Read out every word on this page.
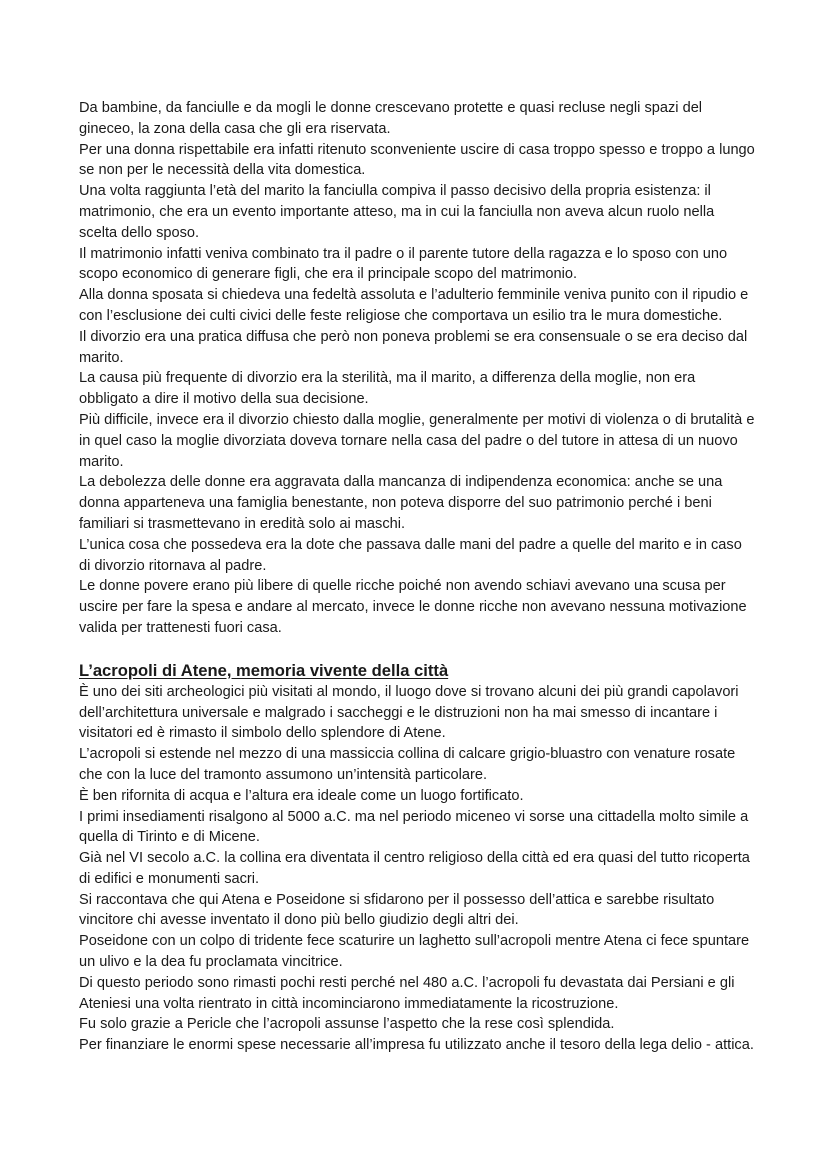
Da bambine, da fanciulle e da mogli le donne crescevano protette e quasi recluse negli spazi del gineceo, la zona della casa che gli era riservata.

Per una donna rispettabile era infatti ritenuto sconveniente uscire di casa troppo spesso e troppo a lungo se non per le necessità della vita domestica.

Una volta raggiunta l’età del marito la fanciulla compiva il passo decisivo della propria esistenza: il matrimonio, che era un evento importante atteso, ma in cui la fanciulla non aveva alcun ruolo nella scelta dello sposo.

Il matrimonio infatti veniva combinato tra il padre o il parente tutore della ragazza e lo sposo con uno scopo economico di generare figli, che era il principale scopo del matrimonio.

Alla donna sposata si chiedeva una fedeltà assoluta e l’adulterio femminile veniva punito con il ripudio e con l’esclusione dei culti civici delle feste religiose che comportava un esilio tra le mura domestiche.

Il divorzio era una pratica diffusa che però non poneva problemi se era consensuale o se era deciso dal marito.

La causa più frequente di divorzio era la sterilità, ma il marito, a differenza della moglie, non era obbligato a dire il motivo della sua decisione.

Più difficile, invece era il divorzio chiesto dalla moglie, generalmente per motivi di violenza o di brutalità e in quel caso la moglie divorziata doveva tornare nella casa del padre o del tutore in attesa di un nuovo marito.

La debolezza delle donne era aggravata dalla mancanza di indipendenza economica: anche se una donna apparteneva una famiglia benestante, non poteva disporre del suo patrimonio perché i beni familiari si trasmettevano in eredità solo ai maschi.

L’unica cosa che possedeva era la dote che passava dalle mani del padre a quelle del marito e in caso di divorzio ritornava al padre.

Le donne povere erano più libere di quelle ricche poiché non avendo schiavi avevano una scusa per uscire per fare la spesa e andare al mercato, invece le donne ricche non avevano nessuna motivazione valida per trattenesti fuori casa.

L’acropoli di Atene, memoria vivente della città

È uno dei siti archeologici più visitati al mondo, il luogo dove si trovano alcuni dei più grandi capolavori dell’architettura universale e malgrado i saccheggi e le distruzioni non ha mai smesso di incantare i visitatori ed è rimasto il simbolo dello splendore di Atene.

L’acropoli si estende nel mezzo di una massiccia collina di calcare grigio-bluastro con venature rosate che con la luce del tramonto assumono un’intensità particolare.

È ben rifornita di acqua e l’altura era ideale come un luogo fortificato.

I primi insediamenti risalgono al 5000 a.C. ma nel periodo miceneo vi sorse una cittadella molto simile a quella di Tirinto e di Micene.

Già nel VI secolo a.C. la collina era diventata il centro religioso della città ed era quasi del tutto ricoperta di edifici e monumenti sacri.

Si raccontava che qui Atena e Poseidone si sfidarono per il possesso dell’attica e sarebbe risultato vincitore chi avesse inventato il dono più bello giudizio degli altri dei.

Poseidone con un colpo di tridente fece scaturire un laghetto sull’acropoli mentre Atena ci fece spuntare un ulivo e la dea fu proclamata vincitrice.

Di questo periodo sono rimasti pochi resti perché nel 480 a.C. l’acropoli fu devastata dai Persiani e gli Ateniesi una volta rientrato in città incominciarono immediatamente la ricostruzione.

Fu solo grazie a Pericle che l’acropoli assunse l’aspetto che la rese così splendida.

Per finanziare le enormi spese necessarie all’impresa fu utilizzato anche il tesoro della lega delio - attica.
